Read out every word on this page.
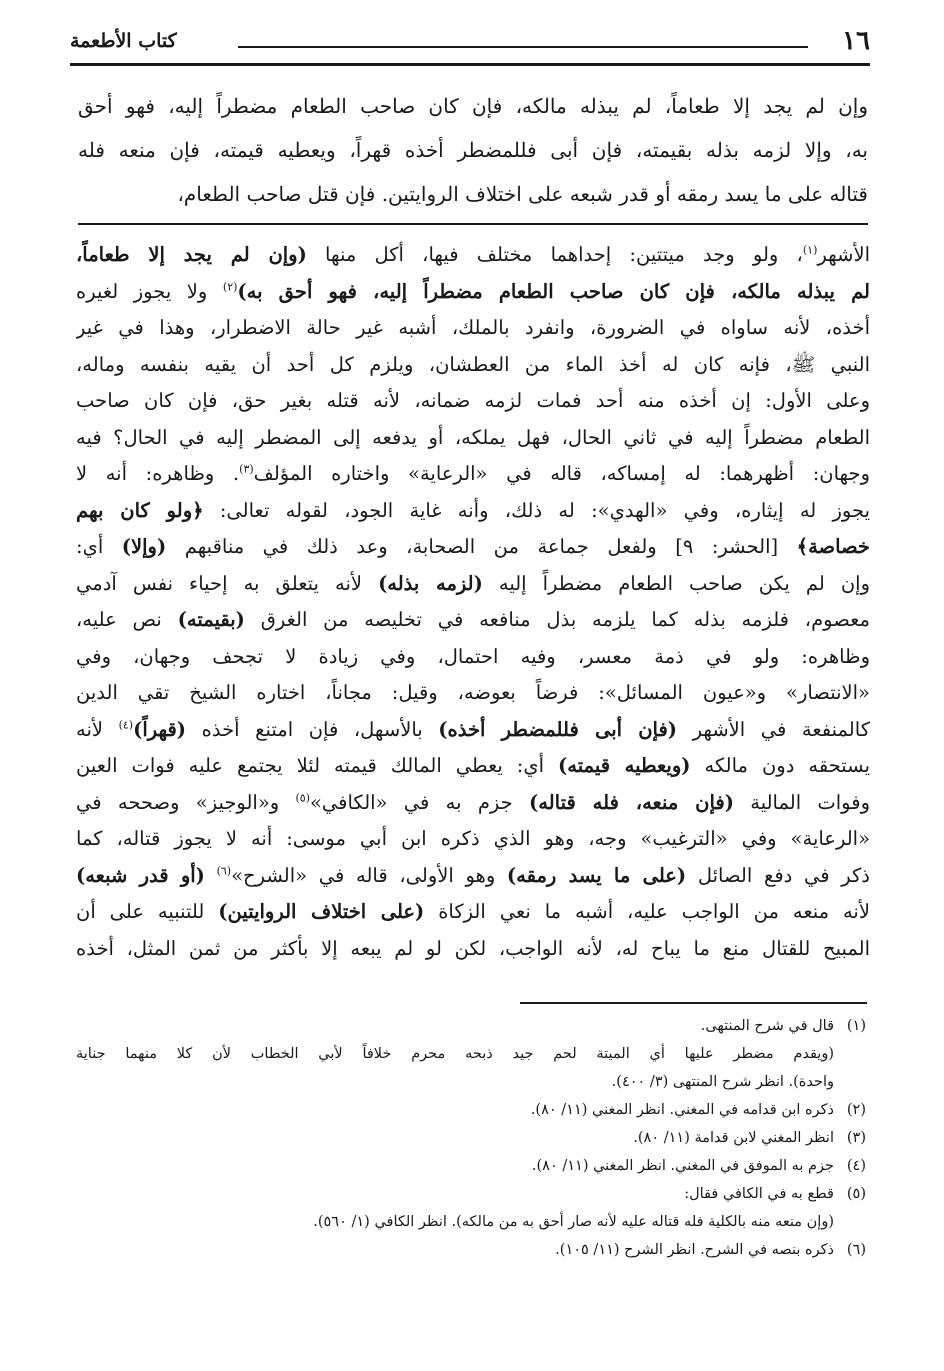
١٦
كتاب الأطعمة
وإن لم يجد إلا طعاماً، لم يبذله مالكه، فإن كان صاحب الطعام مضطراً إليه، فهو أحق
به، وإلا لزمه بذله بقيمته، فإن أبى فللمضطر أخذه قهراً، ويعطيه قيمته، فإن منعه فله
قتاله على ما يسد رمقه أو قدر شبعه على اختلاف الروايتين. فإن قتل صاحب الطعام،
الأشهر$^{(١)}$، ولو وجد ميتتين: إحداهما مختلف فيها، أكل منها (وإن لم يجد إلا طعاماً،
لم يبذله مالكه، فإن كان صاحب الطعام مضطراً إليه، فهو أحق به)$^{(٢)}$ ولا يجوز لغيره
أخذه، لأنه ساواه في الضرورة، وانفرد بالملك، أشبه غير حالة الاضطرار، وهذا في غير
النبي ﷺ، فإنه كان له أخذ الماء من العطشان، ويلزم كل أحد أن يقيه بنفسه وماله،
وعلى الأول: إن أخذه منه أحد فمات لزمه ضمانه، لأنه قتله بغير حق، فإن كان صاحب
الطعام مضطراً إليه في ثاني الحال، فهل يملكه، أو يدفعه إلى المضطر إليه في الحال؟ فيه
وجهان: أظهرهما: له إمساكه، قاله في «الرعاية» واختاره المؤلف$^{(٣)}$. وظاهره: أنه لا
يجوز له إيثاره، وفي «الهدي»: له ذلك، وأنه غاية الجود، لقوله تعالى: ﴿ولو كان بهم
خصاصة﴾ [الحشر: ٩] ولفعل جماعة من الصحابة، وعد ذلك في مناقبهم (وإلا) أي:
وإن لم يكن صاحب الطعام مضطراً إليه (لزمه بذله) لأنه يتعلق به إحياء نفس آدمي
معصوم، فلزمه بذله كما يلزمه بذل منافعه في تخليصه من الغرق (بقيمته) نص عليه،
وظاهره: ولو في ذمة معسر، وفيه احتمال، وفي زيادة لا تجحف وجهان، وفي
«الانتصار» و«عيون المسائل»: فرضاً بعوضه، وقيل: مجاناً، اختاره الشيخ تقي الدين
كالمنفعة في الأشهر (فإن أبى فللمضطر أخذه) بالأسهل، فإن امتنع أخذه (قهراً)$^{(٤)}$ لأنه
يستحقه دون مالكه (ويعطيه قيمته) أي: يعطي المالك قيمته لئلا يجتمع عليه فوات العين
وفوات المالية (فإن منعه، فله قتاله) جزم به في «الكافي»$^{(٥)}$ و«الوجيز» وصححه في
«الرعاية» وفي «الترغيب» وجه، وهو الذي ذكره ابن أبي موسى: أنه لا يجوز قتاله، كما
ذكر في دفع الصائل (على ما يسد رمقه) وهو الأولى، قاله في «الشرح»$^{(٦)}$ (أو قدر شبعه)
لأنه منعه من الواجب عليه، أشبه ما نعي الزكاة (على اختلاف الروايتين) للتنبيه على أن
المبيح للقتال منع ما يباح له، لأنه الواجب، لكن لو لم يبعه إلا بأكثر من ثمن المثل، أخذه
(١)قال في شرح المنتهى.
(ويقدم مضطر عليها أي الميتة لحم جيد ذبحه محرم خلافاً لأبي الخطاب لأن كلا منهما جناية
واحدة). انظر شرح المنتهى (٣/ ٤٠٠).
(٢)ذكره ابن قدامه في المغني. انظر المغني (١١/ ٨٠).
(٣)انظر المغني لابن قدامة (١١/ ٨٠).
(٤)جزم به الموفق في المغني. انظر المغني (١١/ ٨٠).
(٥)قطع به في الكافي فقال:
(وإن منعه منه بالكلية فله قتاله عليه لأنه صار أحق به من مالكه). انظر الكافي (١/ ٥٦٠).
(٦)ذكره بنصه في الشرح. انظر الشرح (١١/ ١٠٥).
